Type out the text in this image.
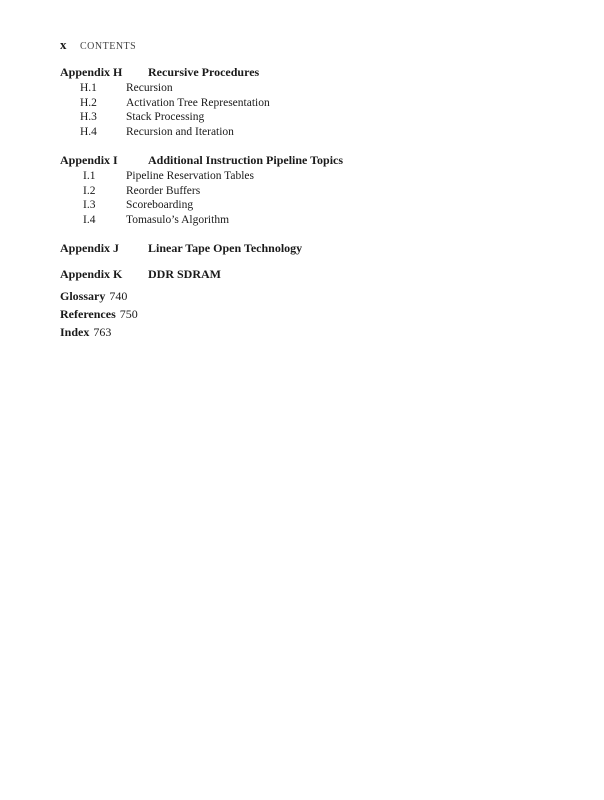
x	CONTENTS
Appendix H	Recursive Procedures
H.1	Recursion
H.2	Activation Tree Representation
H.3	Stack Processing
H.4	Recursion and Iteration
Appendix I	Additional Instruction Pipeline Topics
I.1	Pipeline Reservation Tables
I.2	Reorder Buffers
I.3	Scoreboarding
I.4	Tomasulo’s Algorithm
Appendix J	Linear Tape Open Technology
Appendix K	DDR SDRAM
Glossary 740
References 750
Index 763
